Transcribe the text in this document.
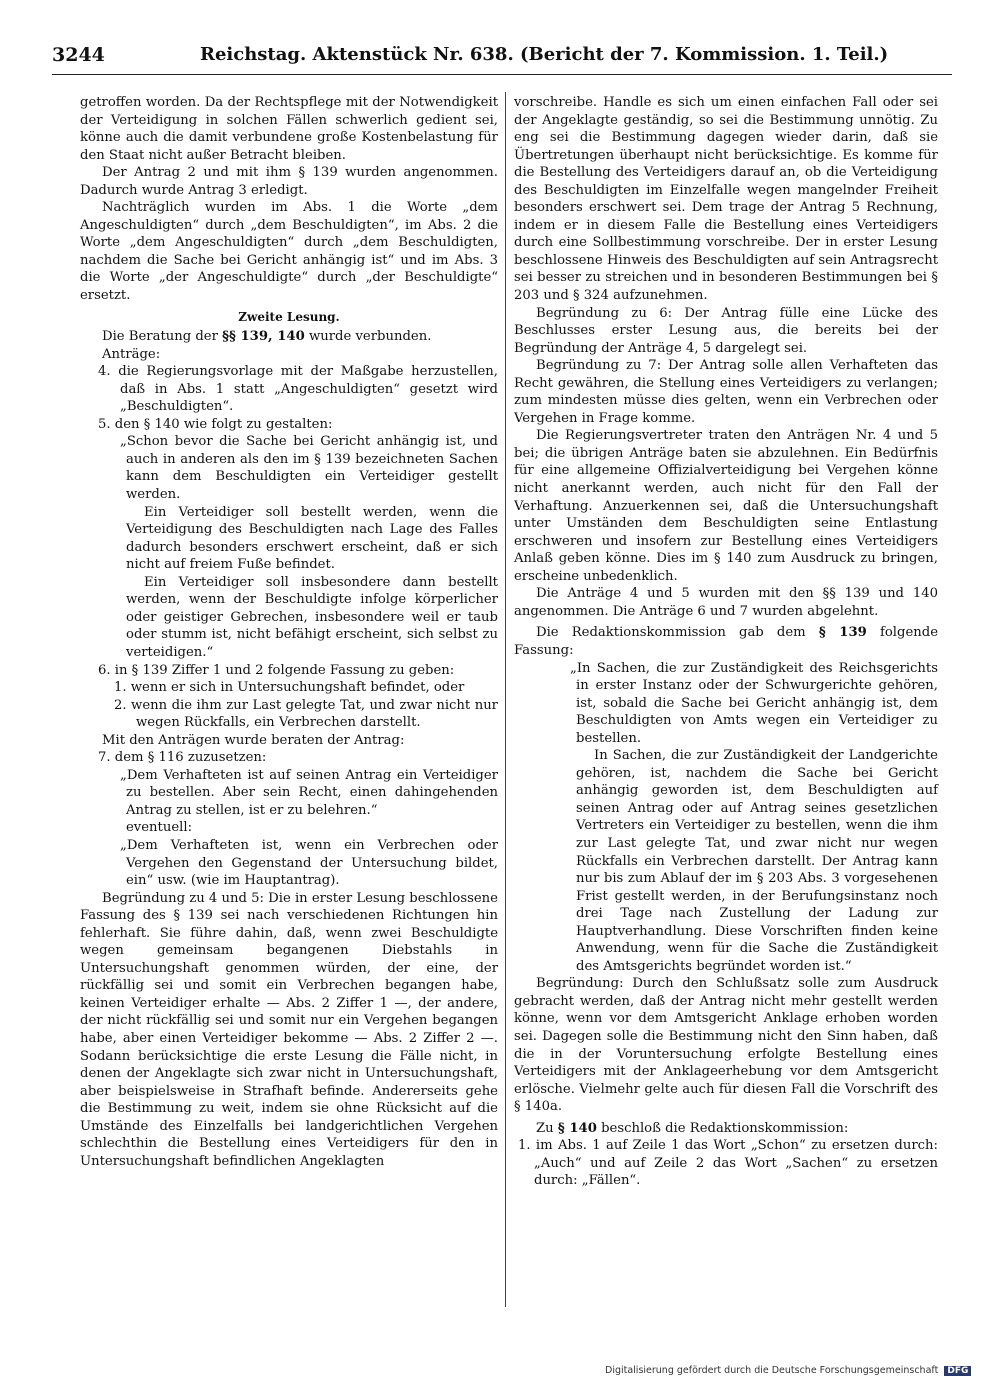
3244	Reichstag. Aktenstück Nr. 638. (Bericht der 7. Kommission. 1. Teil.)

getroffen worden. Da der Rechtspflege mit der Notwendigkeit der Verteidigung in solchen Fällen schwerlich gedient sei, könne auch die damit verbundene große Kostenbelastung für den Staat nicht außer Betracht bleiben.

Der Antrag 2 und mit ihm § 139 wurden angenommen. Dadurch wurde Antrag 3 erledigt.

Nachträglich wurden im Abs. 1 die Worte „dem Angeschuldigten“ durch „dem Beschuldigten“, im Abs. 2 die Worte „dem Angeschuldigten“ durch „dem Beschuldigten, nachdem die Sache bei Gericht anhängig ist“ und im Abs. 3 die Worte „der Angeschuldigte“ durch „der Beschuldigte“ ersetzt.

Zweite Lesung.

Die Beratung der §§ 139, 140 wurde verbunden.

Anträge:

4. die Regierungsvorlage mit der Maßgabe herzustellen, daß in Abs. 1 statt „Angeschuldigten“ gesetzt wird „Beschuldigten“.

5. den § 140 wie folgt zu gestalten:

„Schon bevor die Sache bei Gericht anhängig ist, und auch in anderen als den im § 139 bezeichneten Sachen kann dem Beschuldigten ein Verteidiger gestellt werden.

Ein Verteidiger soll bestellt werden, wenn die Verteidigung des Beschuldigten nach Lage des Falles dadurch besonders erschwert erscheint, daß er sich nicht auf freiem Fuße befindet.

Ein Verteidiger soll insbesondere dann bestellt werden, wenn der Beschuldigte infolge körperlicher oder geistiger Gebrechen, insbesondere weil er taub oder stumm ist, nicht befähigt erscheint, sich selbst zu verteidigen.“

6. in § 139 Ziffer 1 und 2 folgende Fassung zu geben:

1. wenn er sich in Untersuchungshaft befindet, oder

2. wenn die ihm zur Last gelegte Tat, und zwar nicht nur wegen Rückfalls, ein Verbrechen darstellt.

Mit den Anträgen wurde beraten der Antrag:

7. dem § 116 zuzusetzen:

„Dem Verhafteten ist auf seinen Antrag ein Verteidiger zu bestellen. Aber sein Recht, einen dahingehenden Antrag zu stellen, ist er zu belehren.“

eventuell:

„Dem Verhafteten ist, wenn ein Verbrechen oder Vergehen den Gegenstand der Untersuchung bildet, ein“ usw. (wie im Hauptantrag).

Begründung zu 4 und 5: Die in erster Lesung beschlossene Fassung des § 139 sei nach verschiedenen Richtungen hin fehlerhaft. Sie führe dahin, daß, wenn zwei Beschuldigte wegen gemeinsam begangenen Diebstahls in Untersuchungshaft genommen würden, der eine, der rückfällig sei und somit ein Verbrechen begangen habe, keinen Verteidiger erhalte — Abs. 2 Ziffer 1 —, der andere, der nicht rückfällig sei und somit nur ein Vergehen begangen habe, aber einen Verteidiger bekomme — Abs. 2 Ziffer 2 —. Sodann berücksichtige die erste Lesung die Fälle nicht, in denen der Angeklagte sich zwar nicht in Untersuchungshaft, aber beispielsweise in Strafhaft befinde. Andererseits gehe die Bestimmung zu weit, indem sie ohne Rücksicht auf die Umstände des Einzelfalls bei landgerichtlichen Vergehen schlechthin die Bestellung eines Verteidigers für den in Untersuchungshaft befindlichen Angeklagten

vorschreibe. Handle es sich um einen einfachen Fall oder sei der Angeklagte geständig, so sei die Bestimmung unnötig. Zu eng sei die Bestimmung dagegen wieder darin, daß sie Übertretungen überhaupt nicht berücksichtige. Es komme für die Bestellung des Verteidigers darauf an, ob die Verteidigung des Beschuldigten im Einzelfalle wegen mangelnder Freiheit besonders erschwert sei. Dem trage der Antrag 5 Rechnung, indem er in diesem Falle die Bestellung eines Verteidigers durch eine Sollbestimmung vorschreibe. Der in erster Lesung beschlossene Hinweis des Beschuldigten auf sein Antragsrecht sei besser zu streichen und in besonderen Bestimmungen bei § 203 und § 324 aufzunehmen.

Begründung zu 6: Der Antrag fülle eine Lücke des Beschlusses erster Lesung aus, die bereits bei der Begründung der Anträge 4, 5 dargelegt sei.

Begründung zu 7: Der Antrag solle allen Verhafteten das Recht gewähren, die Stellung eines Verteidigers zu verlangen; zum mindesten müsse dies gelten, wenn ein Verbrechen oder Vergehen in Frage komme.

Die Regierungsvertreter traten den Anträgen Nr. 4 und 5 bei; die übrigen Anträge baten sie abzulehnen. Ein Bedürfnis für eine allgemeine Offizialverteidigung bei Vergehen könne nicht anerkannt werden, auch nicht für den Fall der Verhaftung. Anzuerkennen sei, daß die Untersuchungshaft unter Umständen dem Beschuldigten seine Entlastung erschweren und insofern zur Bestellung eines Verteidigers Anlaß geben könne. Dies im § 140 zum Ausdruck zu bringen, erscheine unbedenklich.

Die Anträge 4 und 5 wurden mit den §§ 139 und 140 angenommen. Die Anträge 6 und 7 wurden abgelehnt.

Die Redaktionskommission gab dem § 139 folgende Fassung:

„In Sachen, die zur Zuständigkeit des Reichsgerichts in erster Instanz oder der Schwurgerichte gehören, ist, sobald die Sache bei Gericht anhängig ist, dem Beschuldigten von Amts wegen ein Verteidiger zu bestellen.

In Sachen, die zur Zuständigkeit der Landgerichte gehören, ist, nachdem die Sache bei Gericht anhängig geworden ist, dem Beschuldigten auf seinen Antrag oder auf Antrag seines gesetzlichen Vertreters ein Verteidiger zu bestellen, wenn die ihm zur Last gelegte Tat, und zwar nicht nur wegen Rückfalls ein Verbrechen darstellt. Der Antrag kann nur bis zum Ablauf der im § 203 Abs. 3 vorgesehenen Frist gestellt werden, in der Berufungsinstanz noch drei Tage nach Zustellung der Ladung zur Hauptverhandlung. Diese Vorschriften finden keine Anwendung, wenn für die Sache die Zuständigkeit des Amtsgerichts begründet worden ist.“

Begründung: Durch den Schlußsatz solle zum Ausdruck gebracht werden, daß der Antrag nicht mehr gestellt werden könne, wenn vor dem Amtsgericht Anklage erhoben worden sei. Dagegen solle die Bestimmung nicht den Sinn haben, daß die in der Voruntersuchung erfolgte Bestellung eines Verteidigers mit der Anklageerhebung vor dem Amtsgericht erlösche. Vielmehr gelte auch für diesen Fall die Vorschrift des § 140a.

Zu § 140 beschloß die Redaktionskommission:

1. im Abs. 1 auf Zeile 1 das Wort „Schon“ zu ersetzen durch: „Auch“ und auf Zeile 2 das Wort „Sachen“ zu ersetzen durch: „Fällen“.

Digitalisierung gefördert durch die Deutsche Forschungsgemeinschaft DFG
